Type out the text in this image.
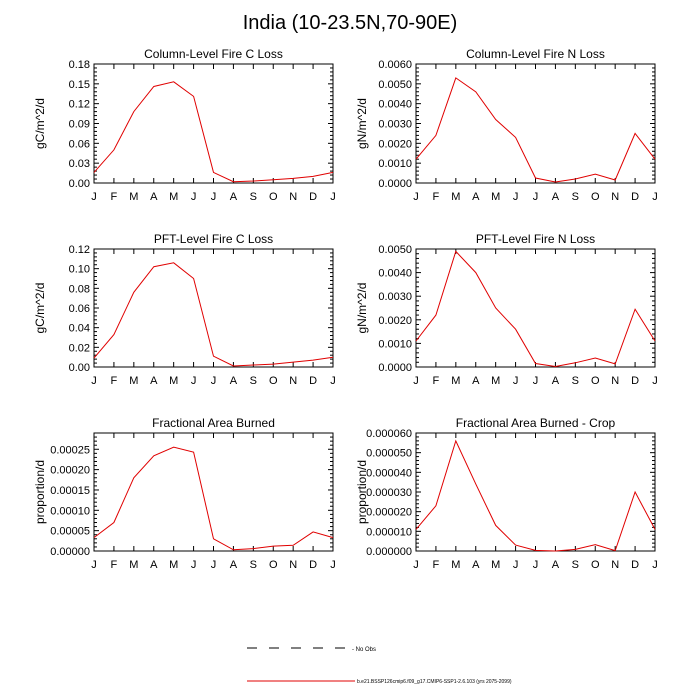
India (10-23.5N,70-90E)
J F M A M J J A S O N D J
0.00
0.03
0.06
0.09
0.12
0.15
0.18
Column-Level Fire C Loss
gC/m^2/d
J F M A M J J A S O N D J
0.0000
0.0010
0.0020
0.0030
0.0040
0.0050
0.0060
Column-Level Fire N Loss
gN/m^2/d
J F M A M J J A S O N D J
0.00
0.02
0.04
0.06
0.08
0.10
0.12
PFT-Level Fire C Loss
gC/m^2/d
J F M A M J J A S O N D J
0.0000
0.0010
0.0020
0.0030
0.0040
0.0050
PFT-Level Fire N Loss
gN/m^2/d
J F M A M J J A S O N D J
0.00000
0.00005
0.00010
0.00015
0.00020
0.00025
Fractional Area Burned
proportion/d
J F M A M J J A S O N D J
0.000000
0.000010
0.000020
0.000030
0.000040
0.000050
0.000060
Fractional Area Burned - Crop
proportion/d
- No Obs
b.e21.BSSP126cmip6.f09_g17.CMIP6-SSP1-2.6.103 (yrs 2075-2099)
